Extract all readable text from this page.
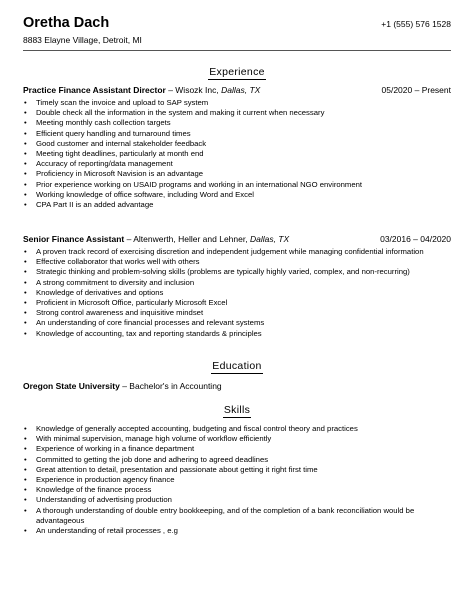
Oretha Dach	+1 (555) 576 1528
8883 Elayne Village, Detroit, MI
Experience
Practice Finance Assistant Director – Wisozk Inc, Dallas, TX	05/2020 – Present
• Timely scan the invoice and upload to SAP system
• Double check all the information in the system and making it current when necessary
• Meeting monthly cash collection targets
• Efficient query handling and turnaround times
• Good customer and internal stakeholder feedback
• Meeting tight deadlines, particularly at month end
• Accuracy of reporting/data management
• Proficiency in Microsoft Navision is an advantage
• Prior experience working on USAID programs and working in an international NGO environment
• Working knowledge of office software, including Word and Excel
• CPA Part II is an added advantage
Senior Finance Assistant – Altenwerth, Heller and Lehner, Dallas, TX	03/2016 – 04/2020
• A proven track record of exercising discretion and independent judgement while managing confidential information
• Effective collaborator that works well with others
• Strategic thinking and problem-solving skills (problems are typically highly varied, complex, and non-recurring)
• A strong commitment to diversity and inclusion
• Knowledge of derivatives and options
• Proficient in Microsoft Office, particularly Microsoft Excel
• Strong control awareness and inquisitive mindset
• An understanding of core financial processes and relevant systems
• Knowledge of accounting, tax and reporting standards & principles
Education
Oregon State University – Bachelor's in Accounting
Skills
• Knowledge of generally accepted accounting, budgeting and fiscal control theory and practices
• With minimal supervision, manage high volume of workflow efficiently
• Experience of working in a finance department
• Committed to getting the job done and adhering to agreed deadlines
• Great attention to detail, presentation and passionate about getting it right first time
• Experience in production agency finance
• Knowledge of the finance process
• Understanding of advertising production
• A thorough understanding of double entry bookkeeping, and of the completion of a bank reconciliation would be advantageous
• An understanding of retail processes , e.g
